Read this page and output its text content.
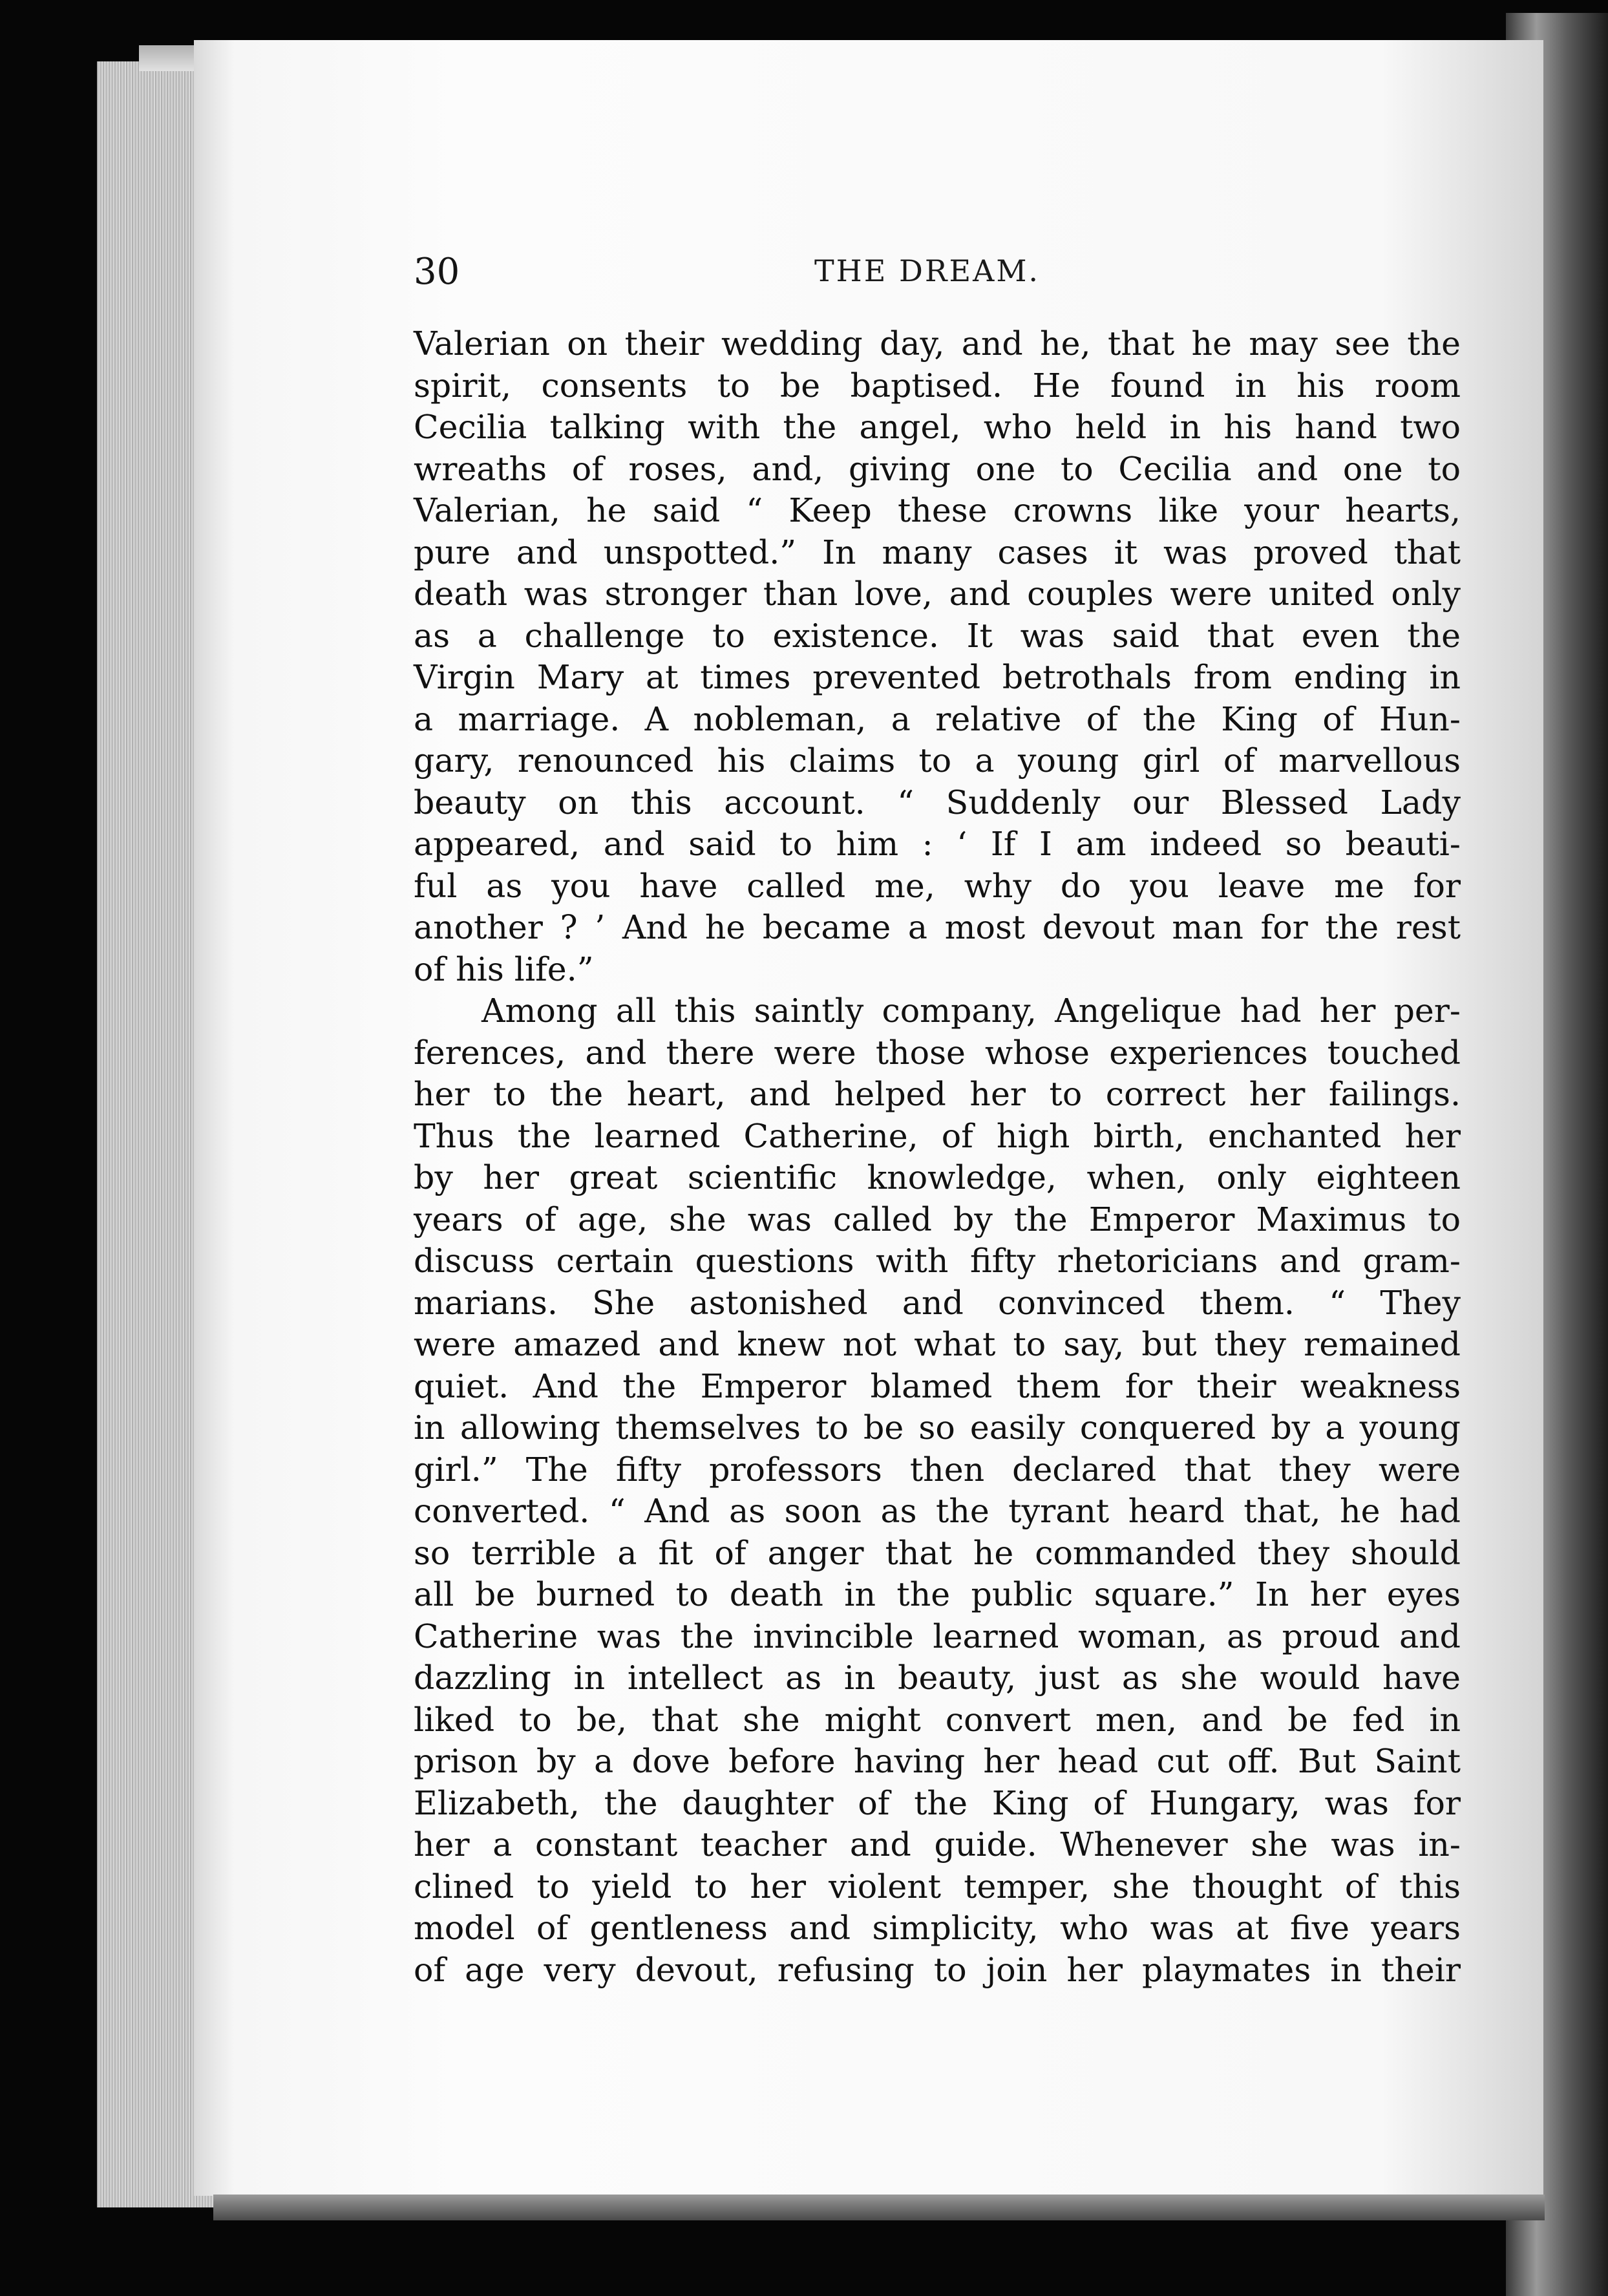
30	THE DREAM.
Valerian on their wedding day, and he, that he may see the
spirit, consents to be baptised. He found in his room
Cecilia talking with the angel, who held in his hand two
wreaths of roses, and, giving one to Cecilia and one to
Valerian, he said “ Keep these crowns like your hearts,
pure and unspotted.” In many cases it was proved that
death was stronger than love, and couples were united only
as a challenge to existence. It was said that even the
Virgin Mary at times prevented betrothals from ending in
a marriage. A nobleman, a relative of the King of Hun-
gary, renounced his claims to a young girl of marvellous
beauty on this account. “ Suddenly our Blessed Lady
appeared, and said to him : ‘ If I am indeed so beauti-
ful as you have called me, why do you leave me for
another ? ’ And he became a most devout man for the rest
of his life.”
Among all this saintly company, Angelique had her per-
ferences, and there were those whose experiences touched
her to the heart, and helped her to correct her failings.
Thus the learned Catherine, of high birth, enchanted her
by her great scientific knowledge, when, only eighteen
years of age, she was called by the Emperor Maximus to
discuss certain questions with fifty rhetoricians and gram-
marians. She astonished and convinced them. “ They
were amazed and knew not what to say, but they remained
quiet. And the Emperor blamed them for their weakness
in allowing themselves to be so easily conquered by a young
girl.” The fifty professors then declared that they were
converted. “ And as soon as the tyrant heard that, he had
so terrible a fit of anger that he commanded they should
all be burned to death in the public square.” In her eyes
Catherine was the invincible learned woman, as proud and
dazzling in intellect as in beauty, just as she would have
liked to be, that she might convert men, and be fed in
prison by a dove before having her head cut off. But Saint
Elizabeth, the daughter of the King of Hungary, was for
her a constant teacher and guide. Whenever she was in-
clined to yield to her violent temper, she thought of this
model of gentleness and simplicity, who was at five years
of age very devout, refusing to join her playmates in their
